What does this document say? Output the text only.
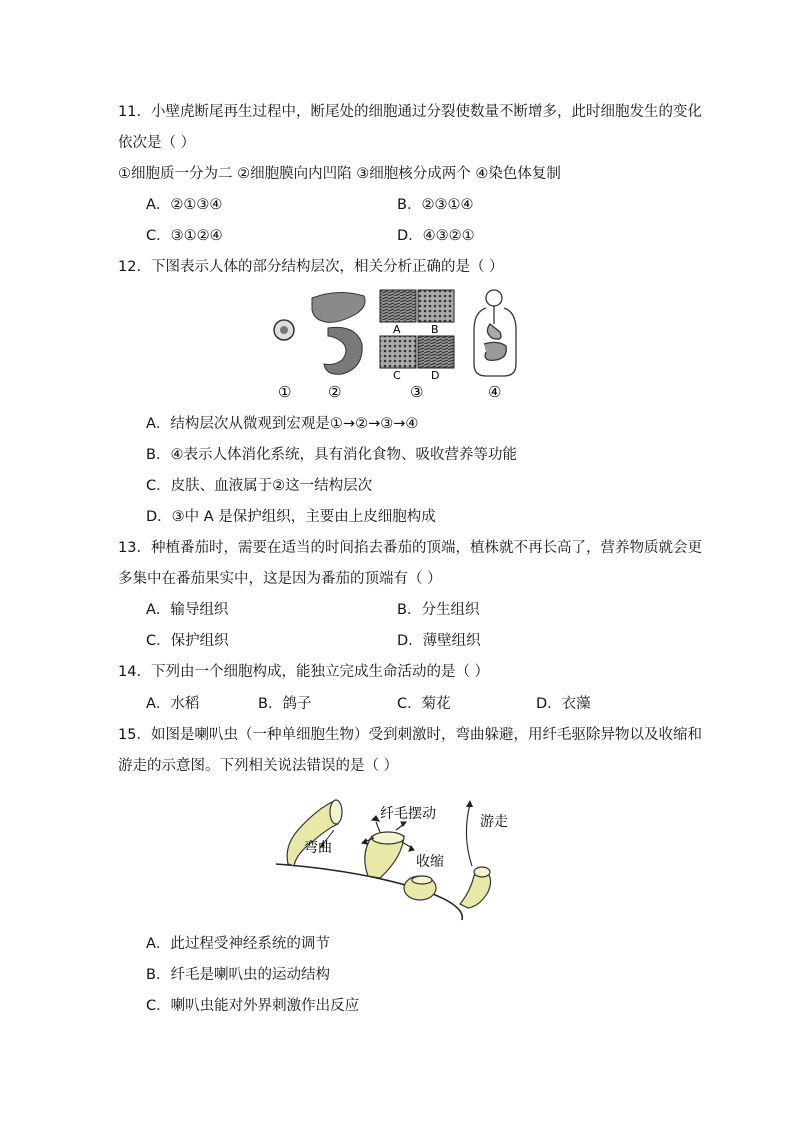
11．小壁虎断尾再生过程中，断尾处的细胞通过分裂使数量不断增多，此时细胞发生的变化
依次是（ ）
①细胞质一分为二 ②细胞膜向内凹陷 ③细胞核分成两个 ④染色体复制
A．②①③④	B．②③①④
C．③①②④	D．④③②①
12．下图表示人体的部分结构层次，相关分析正确的是（ ）
A	B
C	D
① ②	③	④
A．结构层次从微观到宏观是①→②→③→④
B．④表示人体消化系统，具有消化食物、吸收营养等功能
C．皮肤、血液属于②这一结构层次
D．③中 A 是保护组织，主要由上皮细胞构成
13．种植番茄时，需要在适当的时间掐去番茄的顶端，植株就不再长高了，营养物质就会更
多集中在番茄果实中，这是因为番茄的顶端有（ ）
A．输导组织	B．分生组织
C．保护组织	D．薄壁组织
14．下列由一个细胞构成，能独立完成生命活动的是（ ）
A．水稻	B．鸽子	C．菊花	D．衣藻
15．如图是喇叭虫（一种单细胞生物）受到刺激时，弯曲躲避，用纤毛驱除异物以及收缩和
游走的示意图。下列相关说法错误的是（ ）
弯曲
纤毛摆动
收缩
游走
A．此过程受神经系统的调节
B．纤毛是喇叭虫的运动结构
C．喇叭虫能对外界刺激作出反应
